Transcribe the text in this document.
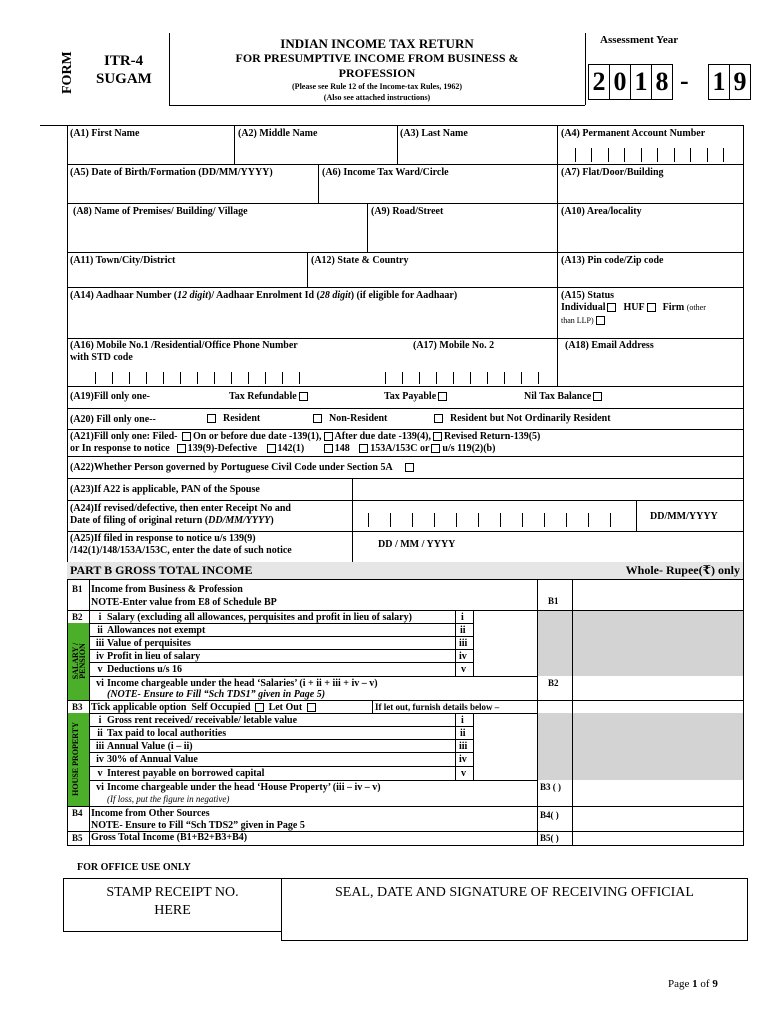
FORM ITR-4
SUGAM
INDIAN INCOME TAX RETURN
FOR PRESUMPTIVE INCOME FROM BUSINESS &
PROFESSION
(Please see Rule 12 of the Income-tax Rules, 1962)
(Also see attached instructions)
Assessment Year
2 0 1 8 - 1 9
(A1) First Name	(A2) Middle Name	(A3) Last Name	(A4) Permanent Account Number
(A5) Date of Birth/Formation (DD/MM/YYYY)	(A6) Income Tax Ward/Circle	(A7) Flat/Door/Building
(A8) Name of Premises/ Building/ Village	(A9) Road/Street	(A10) Area/locality
(A11) Town/City/District	(A12) State & Country	(A13) Pin code/Zip code
(A14) Aadhaar Number (12 digit)/ Aadhaar Enrolment Id (28 digit) (if eligible for Aadhaar)	(A15) Status
Individual HUF Firm (other
than LLP)
(A16) Mobile No.1 /Residential/Office Phone Number
with STD code
(A17) Mobile No. 2	(A18) Email Address
(A19)Fill only one-	Tax Refundable	Tax Payable	Nil Tax Balance
(A20) Fill only one--	Resident	Non-Resident	Resident but Not Ordinarily Resident
(A21)Fill only one: Filed- On or before due date -139(1), After due date -139(4), Revised Return-139(5)
or In response to notice 139(9)-Defective 142(1)	148 153A/153C or u/s 119(2)(b)
(A22)Whether Person governed by Portuguese Civil Code under Section 5A
(A23)If A22 is applicable, PAN of the Spouse
(A24)If revised/defective, then enter Receipt No and
Date of filing of original return (DD/MM/YYYY)	DD/MM/YYYY
(A25)If filed in response to notice u/s 139(9)
/142(1)/148/153A/153C, enter the date of such notice
DD / MM / YYYY
PART B GROSS TOTAL INCOME	Whole- Rupee(₹) only
SALARY / PENSION
HOUSE PROPERTY
B1 Income from Business & Profession
NOTE-Enter value from E8 of Schedule BP	B1
B2	i Salary (excluding all allowances, perquisites and profit in lieu of salary)	i
ii Allowances not exempt	ii
iii Value of perquisites	iii
iv Profit in lieu of salary	iv
v Deductions u/s 16	v
vi Income chargeable under the head ‘Salaries’ (i + ii + iii + iv – v)
(NOTE- Ensure to Fill “Sch TDS1” given in Page 5)
B2
B3 Tick applicable option Self Occupied Let Out	If let out, furnish details below –
i Gross rent received/ receivable/ letable value	i
ii Tax paid to local authorities	ii
iii Annual Value (i – ii)	iii
iv 30% of Annual Value	iv
v Interest payable on borrowed capital	v
vi Income chargeable under the head ‘House Property’ (iii – iv – v)
(If loss, put the figure in negative)
B3 ( )
B4 Income from Other Sources
NOTE- Ensure to Fill “Sch TDS2” given in Page 5
B4( )
B5 Gross Total Income (B1+B2+B3+B4)	B5( )
FOR OFFICE USE ONLY
STAMP RECEIPT NO.
HERE
SEAL, DATE AND SIGNATURE OF RECEIVING OFFICIAL
Page 1 of 9
